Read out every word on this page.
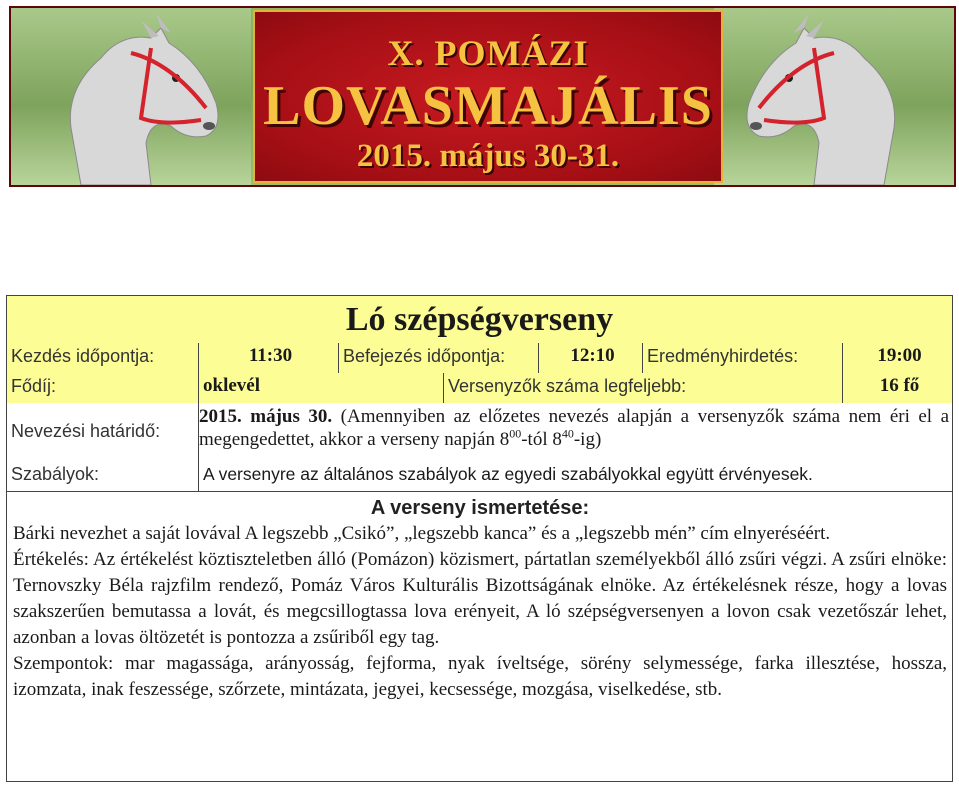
X. POMÁZI
LOVASMAJÁLIS
2015. május 30-31.
Ló szépségverseny
Kezdés időpontja:	11:30	Befejezés időpontja:	12:10	Eredményhirdetés:	19:00
Fődíj:	oklevél	Versenyzők száma legfeljebb:	16 fő
Nevezési határidő:
2015. május 30. (Amennyiben az előzetes nevezés alapján a versenyzők száma nem éri el a megengedettet, akkor a verseny napján $8^{00}$-tól $8^{40}-ig$)
Szabályok:	A versenyre az általános szabályok az egyedi szabályokkal együtt érvényesek.
A verseny ismertetése:

Bárki nevezhet a saját lovával A legszebb „Csikó”, „legszebb kanca” és a „legszebb mén” cím elnyeréséért.

Értékelés: Az értékelést köztiszteletben álló (Pomázon) közismert, pártatlan személyekből álló zsűri végzi. A zsűri elnöke: Ternovszky Béla rajzfilm rendező, Pomáz Város Kulturális Bizottságának elnöke. Az értékelésnek része, hogy a lovas szakszerűen bemutassa a lovát, és megcsillogtassa lova erényeit, A ló szépségversenyen a lovon csak vezetőszár lehet, azonban a lovas öltözetét is pontozza a zsűriből egy tag.

Szempontok: mar magassága, arányosság, fejforma, nyak íveltsége, sörény selymessége, farka illesztése, hossza, izomzata, inak feszessége, szőrzete, mintázata, jegyei, kecsessége, mozgása, viselkedése, stb.
